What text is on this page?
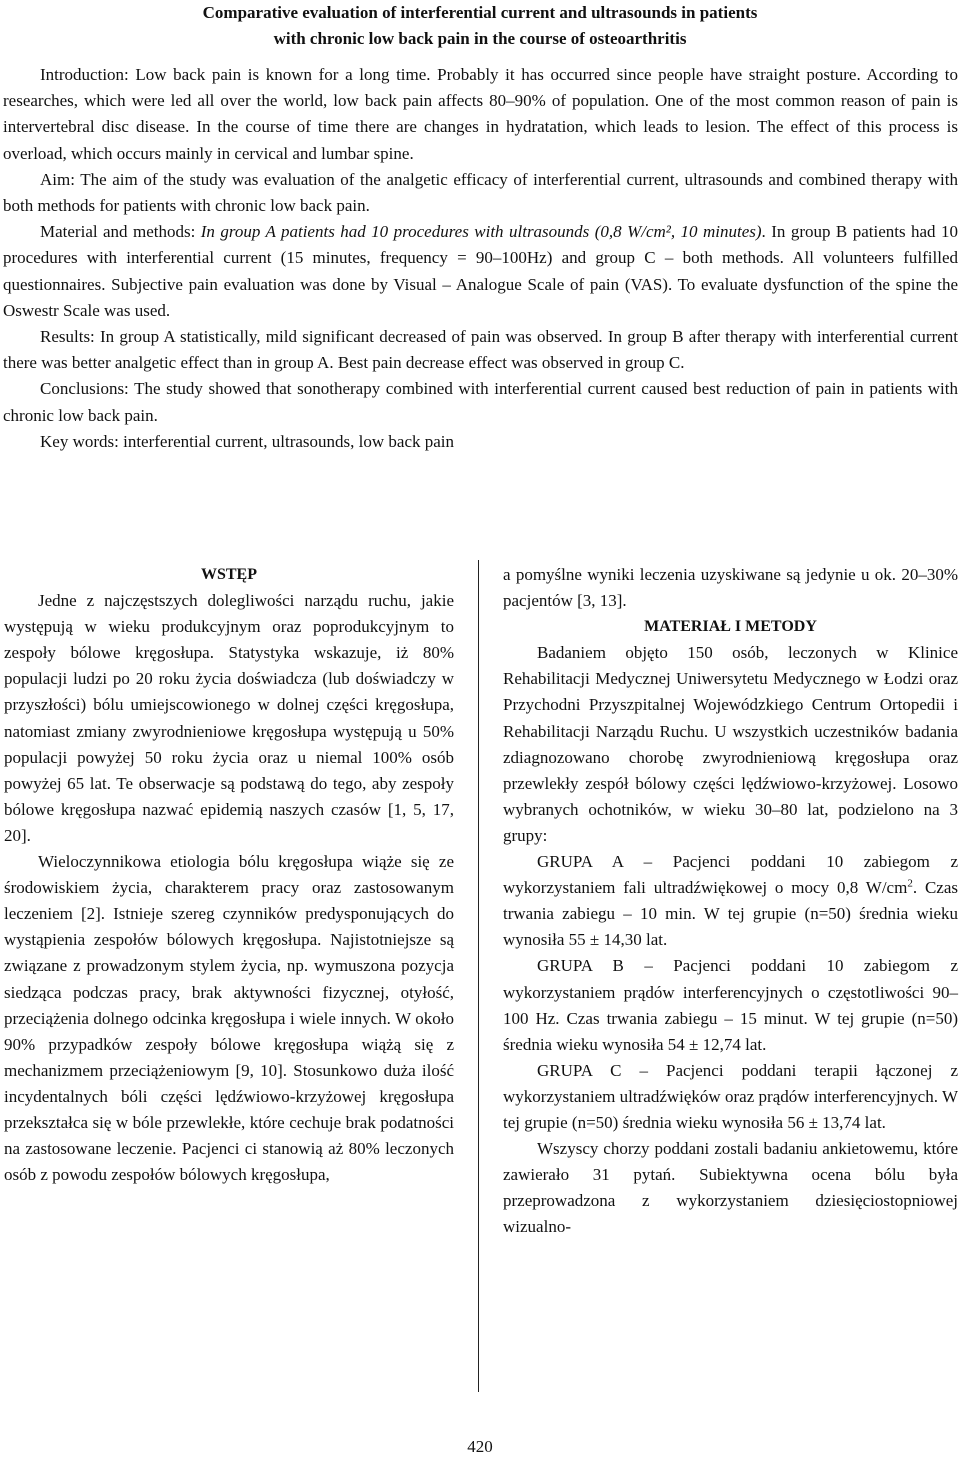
Comparative evaluation of interferential current and ultrasounds in patients
with chronic low back pain in the course of osteoarthritis

Introduction: Low back pain is known for a long time. Probably it has occurred since people have straight posture. According to researches, which were led all over the world, low back pain affects 80–90% of population. One of the most common reason of pain is intervertebral disc disease. In the course of time there are changes in hydratation, which leads to lesion. The effect of this process is overload, which occurs mainly in cervical and lumbar spine.

Aim: The aim of the study was evaluation of the analgetic efficacy of interferential current, ultrasounds and combined therapy with both methods for patients with chronic low back pain.

Material and methods: In group A patients had 10 procedures with ultrasounds (0,8 W/cm², 10 minutes). In group B patients had 10 procedures with interferential current (15 minutes, frequency = 90–100Hz) and group C – both methods. All volunteers fulfilled questionnaires. Subjective pain evaluation was done by Visual – Analogue Scale of pain (VAS). To evaluate dysfunction of the spine the Oswestr Scale was used.

Results: In group A statistically, mild significant decreased of pain was observed. In group B after therapy with interferential current there was better analgetic effect than in group A. Best pain decrease effect was observed in group C.

Conclusions: The study showed that sonotherapy combined with interferential current caused best reduction of pain in patients with chronic low back pain.

Key words: interferential current, ultrasounds, low back pain

WSTĘP

Jedne z najczęstszych dolegliwości narządu ruchu, jakie występują w wieku produkcyjnym oraz poprodukcyjnym to zespoły bólowe kręgosłupa. Statystyka wskazuje, iż 80% populacji ludzi po 20 roku życia doświadcza (lub doświadczy w przyszłości) bólu umiejscowionego w dolnej części kręgosłupa, natomiast zmiany zwyrodnieniowe kręgosłupa występują u 50% populacji powyżej 50 roku życia oraz u niemal 100% osób powyżej 65 lat. Te obserwacje są podstawą do tego, aby zespoły bólowe kręgosłupa nazwać epidemią naszych czasów [1, 5, 17, 20].

Wieloczynnikowa etiologia bólu kręgosłupa wiąże się ze środowiskiem życia, charakterem pracy oraz zastosowanym leczeniem [2]. Istnieje szereg czynników predysponujących do wystąpienia zespołów bólowych kręgosłupa. Najistotniejsze są związane z prowadzonym stylem życia, np. wymuszona pozycja siedząca podczas pracy, brak aktywności fizycznej, otyłość, przeciążenia dolnego odcinka kręgosłupa i wiele innych. W około 90% przypadków zespoły bólowe kręgosłupa wiążą się z mechanizmem przeciążeniowym [9, 10]. Stosunkowo duża ilość incydentalnych bóli części lędźwiowo-krzyżowej kręgosłupa przekształca się w bóle przewlekłe, które cechuje brak podatności na zastosowane leczenie. Pacjenci ci stanowią aż 80% leczonych osób z powodu zespołów bólowych kręgosłupa,

a pomyślne wyniki leczenia uzyskiwane są jedynie u ok. 20–30% pacjentów [3, 13].

MATERIAŁ I METODY

Badaniem objęto 150 osób, leczonych w Klinice Rehabilitacji Medycznej Uniwersytetu Medycznego w Łodzi oraz Przychodni Przyszpitalnej Wojewódzkiego Centrum Ortopedii i Rehabilitacji Narządu Ruchu. U wszystkich uczestników badania zdiagnozowano chorobę zwyrodnieniową kręgosłupa oraz przewlekły zespół bólowy części lędźwiowo-krzyżowej. Losowo wybranych ochotników, w wieku 30–80 lat, podzielono na 3 grupy:

GRUPA A – Pacjenci poddani 10 zabiegom z wykorzystaniem fali ultradźwiękowej o mocy 0,8 $W/cm^2$. Czas trwania zabiegu – 10 min. W tej grupie (n=50) średnia wieku wynosiła 55 ± 14,30 lat.

GRUPA B – Pacjenci poddani 10 zabiegom z wykorzystaniem prądów interferencyjnych o częstotliwości 90–100 Hz. Czas trwania zabiegu – 15 minut. W tej grupie (n=50) średnia wieku wynosiła 54 ± 12,74 lat.

GRUPA C – Pacjenci poddani terapii łączonej z wykorzystaniem ultradźwięków oraz prądów interferencyjnych. W tej grupie (n=50) średnia wieku wynosiła 56 ± 13,74 lat.

Wszyscy chorzy poddani zostali badaniu ankietowemu, które zawierało 31 pytań. Subiektywna ocena bólu była przeprowadzona z wykorzystaniem dziesięciostopniowej wizualno-

420
